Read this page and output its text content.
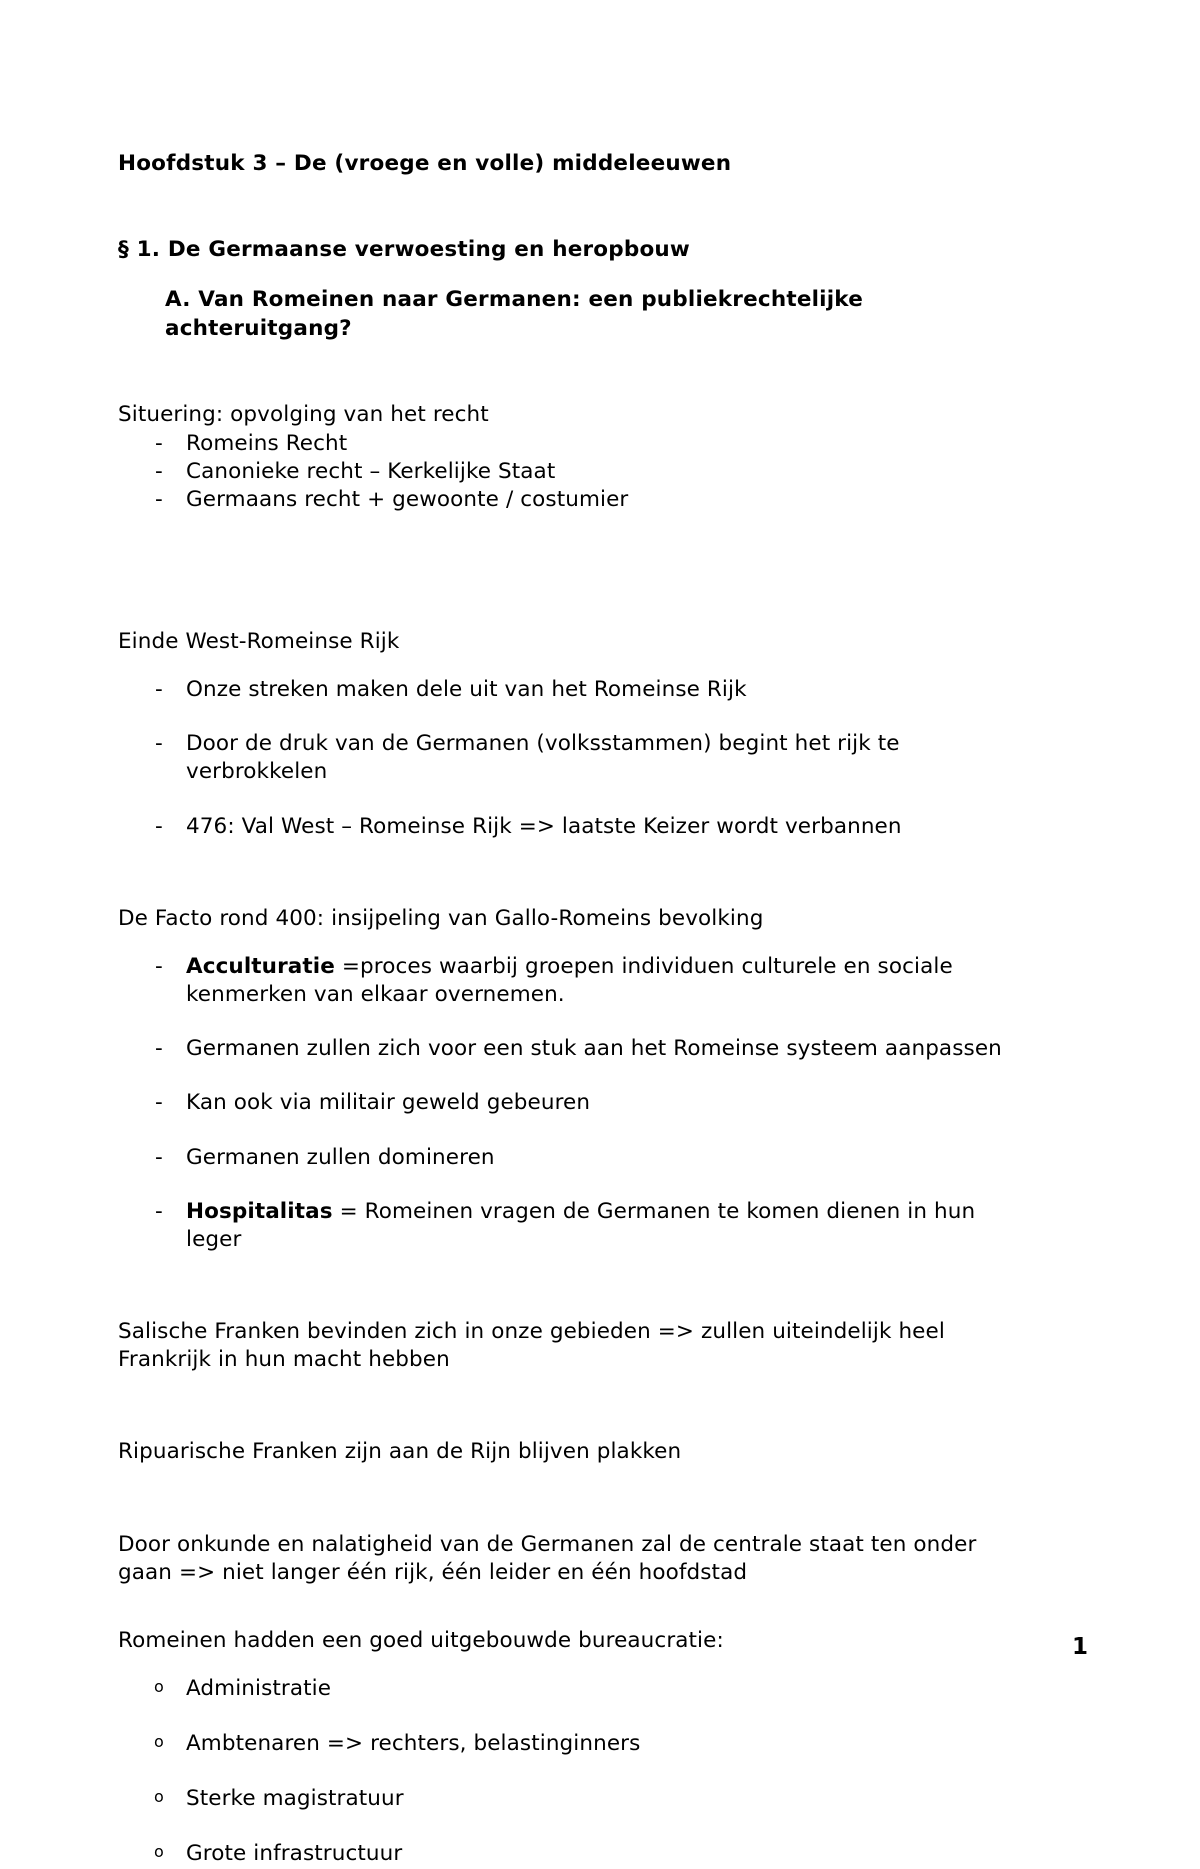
Hoofdstuk 3 – De (vroege en volle) middeleeuwen
§ 1. De Germaanse verwoesting en heropbouw
A. Van Romeinen naar Germanen: een publiekrechtelijke achteruitgang?

Situering: opvolging van het recht

- Romeins Recht
- Canonieke recht – Kerkelijke Staat
- Germaans recht + gewoonte / costumier

Einde West-Romeinse Rijk

- Onze streken maken dele uit van het Romeinse Rijk
- Door de druk van de Germanen (volksstammen) begint het rijk te verbrokkelen
- 476: Val West – Romeinse Rijk => laatste Keizer wordt verbannen

De Facto rond 400: insijpeling van Gallo-Romeins bevolking

- Acculturatie =proces waarbij groepen individuen culturele en sociale kenmerken van elkaar overnemen.
- Germanen zullen zich voor een stuk aan het Romeinse systeem aanpassen
- Kan ook via militair geweld gebeuren
- Germanen zullen domineren
- Hospitalitas = Romeinen vragen de Germanen te komen dienen in hun leger

Salische Franken bevinden zich in onze gebieden => zullen uiteindelijk heel Frankrijk in hun macht hebben

Ripuarische Franken zijn aan de Rijn blijven plakken

Door onkunde en nalatigheid van de Germanen zal de centrale staat ten onder gaan => niet langer één rijk, één leider en één hoofdstad

Romeinen hadden een goed uitgebouwde bureaucratie:

o Administratie
o Ambtenaren => rechters, belastinginners
o Sterke magistratuur
o Grote infrastructuur
1
